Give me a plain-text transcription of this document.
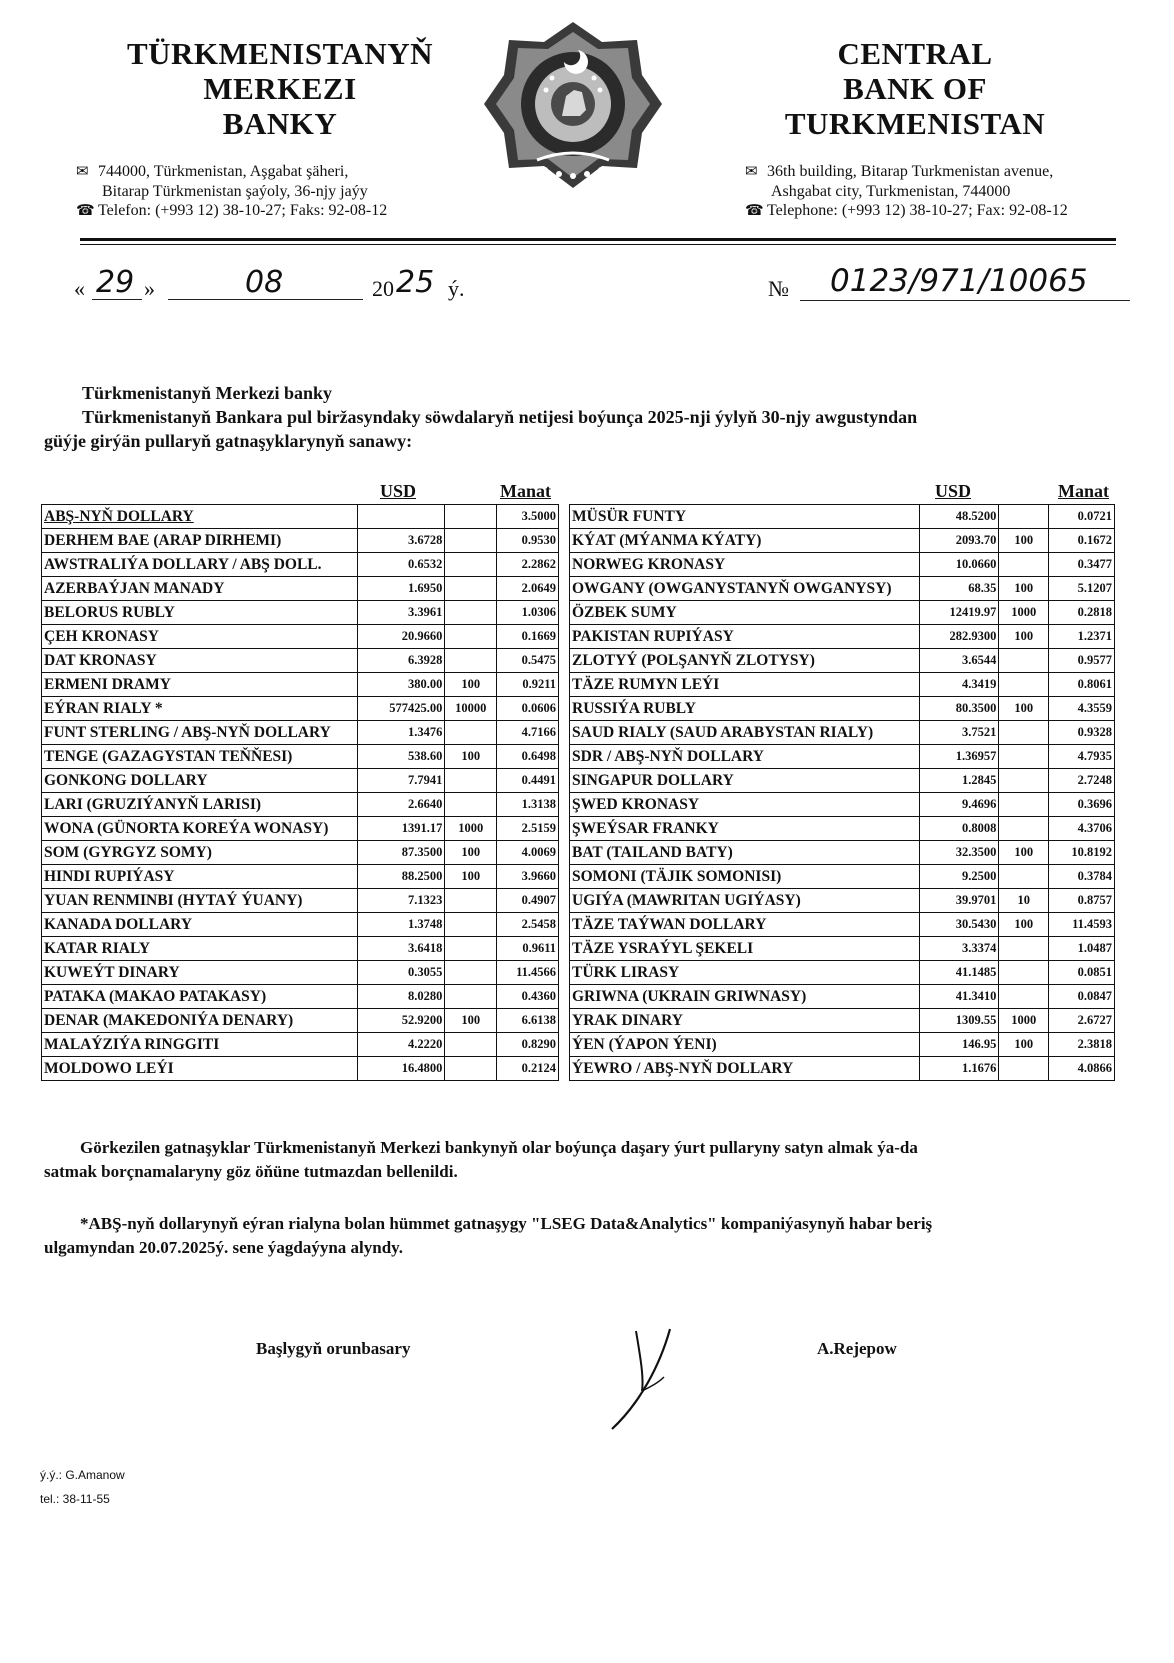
TÜRKMENISTANYŇ
MERKEZI
BANKY
✉ 744000, Türkmenistan, Aşgabat şäheri,
Bitarap Türkmenistan şaýoly, 36-njy jaýy
☎ Telefon: (+993 12) 38-10-27; Faks: 92-08-12
CENTRAL
BANK OF
TURKMENISTAN
✉ 36th building, Bitarap Turkmenistan avenue,
Ashgabat city, Turkmenistan, 744000
☎ Telephone: (+993 12) 38-10-27; Fax: 92-08-12
« 29 »	08	20 25 ý.	№ 0123/971/10065
Türkmenistanyň Merkezi banky
Türkmenistanyň Bankara pul biržasyndaky söwdalaryň netijesi boýunça 2025-nji ýylyň 30-njy awgustyndan
güýje girýän pullaryň gatnaşyklarynyň sanawy:
USD	Manat	USD	Manat
ABŞ-NYŇ DOLLARY			3.5000
DERHEM BAE (ARAP DIRHEMI)	3.6728		0.9530
AWSTRALIÝA DOLLARY / ABŞ DOLL.	0.6532		2.2862
AZERBAÝJAN MANADY	1.6950		2.0649
BELORUS RUBLY	3.3961		1.0306
ÇEH KRONASY	20.9660		0.1669
DAT KRONASY	6.3928		0.5475
ERMENI DRAMY	380.00	100	0.9211
EÝRAN RIALY *	577425.00	10000	0.0606
FUNT STERLING / ABŞ-NYŇ DOLLARY	1.3476		4.7166
TENGE (GAZAGYSTAN TEŇŇESI)	538.60	100	0.6498
GONKONG DOLLARY	7.7941		0.4491
LARI (GRUZIÝANYŇ LARISI)	2.6640		1.3138
WONA (GÜNORTA KOREÝA WONASY)	1391.17	1000	2.5159
SOM (GYRGYZ SOMY)	87.3500	100	4.0069
HINDI RUPIÝASY	88.2500	100	3.9660
YUAN RENMINBI (HYTAÝ ÝUANY)	7.1323		0.4907
KANADA DOLLARY	1.3748		2.5458
KATAR RIALY	3.6418		0.9611
KUWEÝT DINARY	0.3055		11.4566
PATAKA (MAKAO PATAKASY)	8.0280		0.4360
DENAR (MAKEDONIÝA DENARY)	52.9200	100	6.6138
MALAÝZIÝA RINGGITI	4.2220		0.8290
MOLDOWO LEÝI	16.4800		0.2124
MÜSÜR FUNTY	48.5200		0.0721
KÝAT (MÝANMA KÝATY)	2093.70	100	0.1672
NORWEG KRONASY	10.0660		0.3477
OWGANY (OWGANYSTANYŇ OWGANYSY)	68.35	100	5.1207
ÖZBEK SUMY	12419.97	1000	0.2818
PAKISTAN RUPIÝASY	282.9300	100	1.2371
ZLOTYÝ (POLŞANYŇ ZLOTYSY)	3.6544		0.9577
TÄZE RUMYN LEÝI	4.3419		0.8061
RUSSIÝA RUBLY	80.3500	100	4.3559
SAUD RIALY (SAUD ARABYSTAN RIALY)	3.7521		0.9328
SDR / ABŞ-NYŇ DOLLARY	1.36957		4.7935
SINGAPUR DOLLARY	1.2845		2.7248
ŞWED KRONASY	9.4696		0.3696
ŞWEÝSAR FRANKY	0.8008		4.3706
BAT (TAILAND BATY)	32.3500	100	10.8192
SOMONI (TÄJIK SOMONISI)	9.2500		0.3784
UGIÝA (MAWRITAN UGIÝASY)	39.9701	10	0.8757
TÄZE TAÝWAN DOLLARY	30.5430	100	11.4593
TÄZE YSRAÝYL ŞEKELI	3.3374		1.0487
TÜRK LIRASY	41.1485		0.0851
GRIWNA (UKRAIN GRIWNASY)	41.3410		0.0847
YRAK DINARY	1309.55	1000	2.6727
ÝEN (ÝAPON ÝENI)	146.95	100	2.3818
ÝEWRO / ABŞ-NYŇ DOLLARY	1.1676		4.0866
Görkezilen gatnaşyklar Türkmenistanyň Merkezi bankynyň olar boýunça daşary ýurt pullaryny satyn almak ýa-da
satmak borçnamalaryny göz öňüne tutmazdan bellenildi.
*ABŞ-nyň dollarynyň eýran rialyna bolan hümmet gatnaşygy "LSEG Data&Analytics" kompaniýasynyň habar beriş
ulgamyndan 20.07.2025ý. sene ýagdaýyna alyndy.
Başlygyň orunbasary	A.Rejepow
ý.ý.: G.Amanow
tel.: 38-11-55
